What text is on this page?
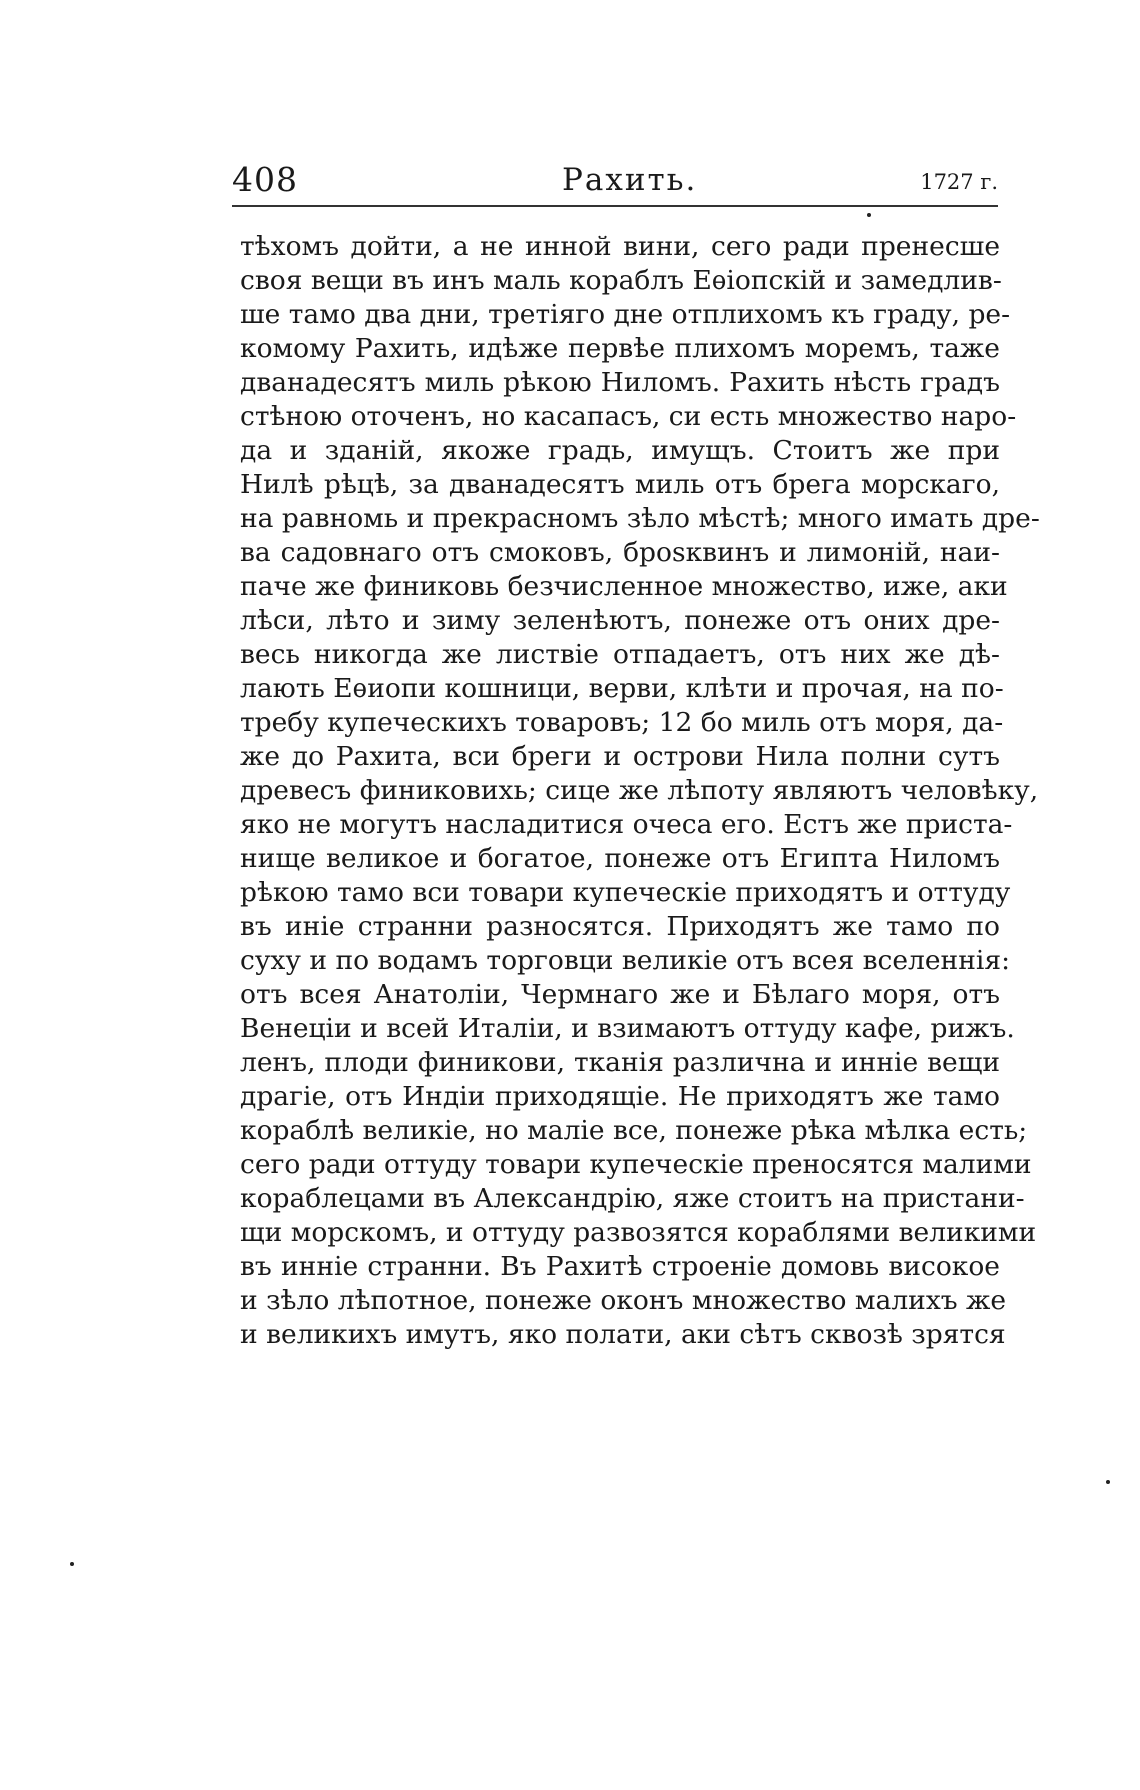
408	Рахить.	1727 г.
тѣхомъ дойти, а не инной вини, сего ради пренесше
своя вещи въ инъ маль кораблъ Еѳіопскій и замедлив-
ше тамо два дни, третіяго дне отплихомъ къ граду, ре-
комому Рахить, идѣже первѣе плихомъ моремъ, таже
дванадесятъ миль рѣкою Ниломъ. Рахить нѣсть градъ
стѣною оточенъ, но касапасъ, си есть множество наро-
да и зданій, якоже градь, имущъ. Стоитъ же при
Нилѣ рѣцѣ, за дванадесятъ миль отъ брега морскаго,
на равномь и прекрасномъ зѣло мѣстѣ; много имать дре-
ва садовнаго отъ смоковъ, брosквинъ и лимоній, наи-
паче же финиковь безчисленное множество, иже, аки
лѣси, лѣто и зиму зеленѣютъ, понеже отъ оних дре-
весь никогда же листвіе отпадаетъ, отъ них же дѣ-
лають Еѳиопи кошници, верви, клѣти и прочая, на по-
требу купеческихъ товаровъ; 12 бо миль отъ моря, да-
же до Рахита, вси бреги и острови Нила полни сутъ
древесъ финиковихь; сице же лѣпоту являютъ человѣку,
яко не могутъ насладитися очеса его. Естъ же приста-
нище великое и богатое, понеже отъ Египта Ниломъ
рѣкою тамо вси товари купеческіе приходятъ и оттуду
въ иніе странни разносятся. Приходятъ же тамо по
суху и по водамъ торговци великіе отъ всея вселеннія:
отъ всея Анатоліи, Чермнаго же и Бѣлаго моря, отъ
Венеціи и всей Италіи, и взимаютъ оттуду кафе, рижъ.
ленъ, плоди финикови, тканія различна и инніе вещи
драгіе, отъ Индіи приходящіе. Не приходятъ же тамо
кораблѣ великіе, но маліе все, понеже рѣка мѣлка есть;
сего ради оттуду товари купеческіе преносятся малими
кораблецами въ Александрію, яже стоитъ на пристани-
щи морскомъ, и оттуду развозятся кораблями великими
въ инніе странни. Въ Рахитѣ строеніе домовь високое
и зѣло лѣпотное, понеже оконъ множество малихъ же
и великихъ имутъ, яко полати, аки сѣтъ сквозѣ зрятся
